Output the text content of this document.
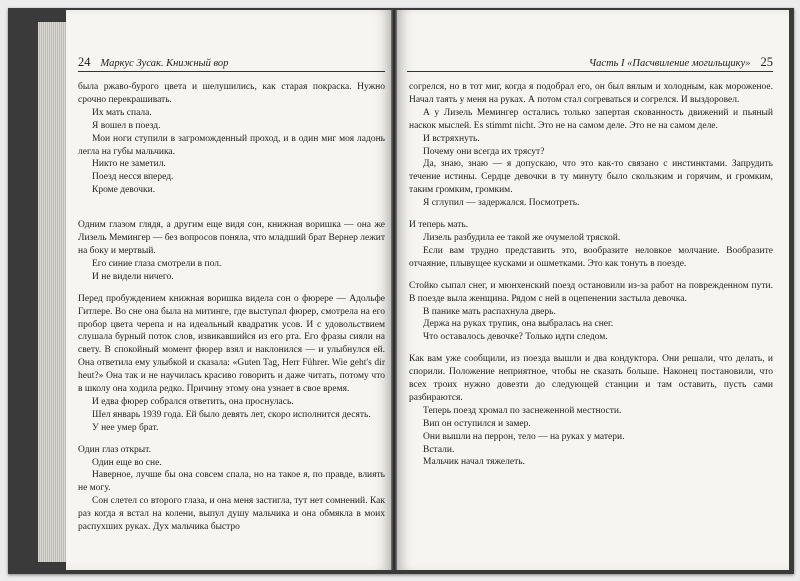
24 Маркус Зусак. Книжный вор

была ржаво-бурого цвета и шелушились, как старая покраска. Нужно срочно перекрашивать.

Их мать спала.

Я вошел в поезд.

Мои ноги ступили в загроможденный проход, и в один миг моя ладонь легла на губы мальчика.

Никто не заметил.

Поезд несся вперед.

Кроме девочки.

Одним глазом глядя, а другим еще видя сон, книжная воришка — она же Лизель Мемингер — без вопросов поняла, что младший брат Вернер лежит на боку и мертвый.

Его синие глаза смотрели в пол.

И не видели ничего.

Перед пробуждением книжная воришка видела сон о фюрере — Адольфе Гитлере. Во сне она была на митинге, где выступал фюрер, смотрела на его пробор цвета черепа и на идеальный квадратик усов. И с удовольствием слушала бурный поток слов, извикавшийся из его рта. Его фразы сияли на свету. В спокойный момент фюрер взял и наклонился — и улыбнулся ей. Она ответила ему улыбкой и сказала: «Guten Tag, Herr Führer. Wie geht's dir heut?» Она так и не научилась красиво говорить и даже читать, потому что в школу она ходила редко. Причину этому она узнает в свое время.

И едва фюрер собрался ответить, она проснулась.

Шел январь 1939 года. Ей было девять лет, скоро исполнится десять.

У нее умер брат.

Один глаз открыт.

Один еще во сне.

Наверное, лучше бы она совсем спала, но на такое я, по правде, влиять не могу.

Сон слетел со второго глаза, и она меня застигла, тут нет сомнений. Как раз когда я встал на колени, выпул душу мальчика и она обмякла в моих распухших руках. Дух мальчика быстро

Часть I «Пасчвиление могильщику» 25

согрелся, но в тот миг, когда я подобрал его, он был вялым и холодным, как мороженое. Начал таять у меня на руках. А потом стал согреваться и согрелся. И выздоровел.

А у Лизель Мемингер остались только запертая скованность движений и пьяный наскок мыслей. Es stimmt nicht. Это не на самом деле. Это не на самом деле.

И встряхнуть.

Почему они всегда их трясут?

Да, знаю, знаю — я допускаю, что это как-то связано с инстинктами. Запрудить течение истины. Сердце девочки в ту минуту было скользким и горячим, и громким, таким громким, громким.

Я сглупил — задержался. Посмотреть.

И теперь мать.

Лизель разбудила ее такой же очумелой тряской.

Если вам трудно представить это, вообразите неловкое молчание. Вообразите отчаяние, плывущее кусками и ошметками. Это как тонуть в поезде.

Стойко сыпал снег, и мюнхенский поезд остановили из-за работ на поврежденном пути. В поезде выла женщина. Рядом с ней в оцепенении застыла девочка.

В панике мать распахнула дверь.

Держа на руках трупик, она выбралась на снег.

Что оставалось девочке? Только идти следом.

Как вам уже сообщили, из поезда вышли и два кондуктора. Они решали, что делать, и спорили. Положение неприятное, чтобы не сказать больше. Наконец постановили, что всех троих нужно довезти до следующей станции и там оставить, пусть сами разбираются.

Теперь поезд хромал по заснеженной местности.

Вип он оступился и замер.

Они вышли на перрон, тело — на руках у матери.

Встали.

Мальчик начал тяжелеть.
